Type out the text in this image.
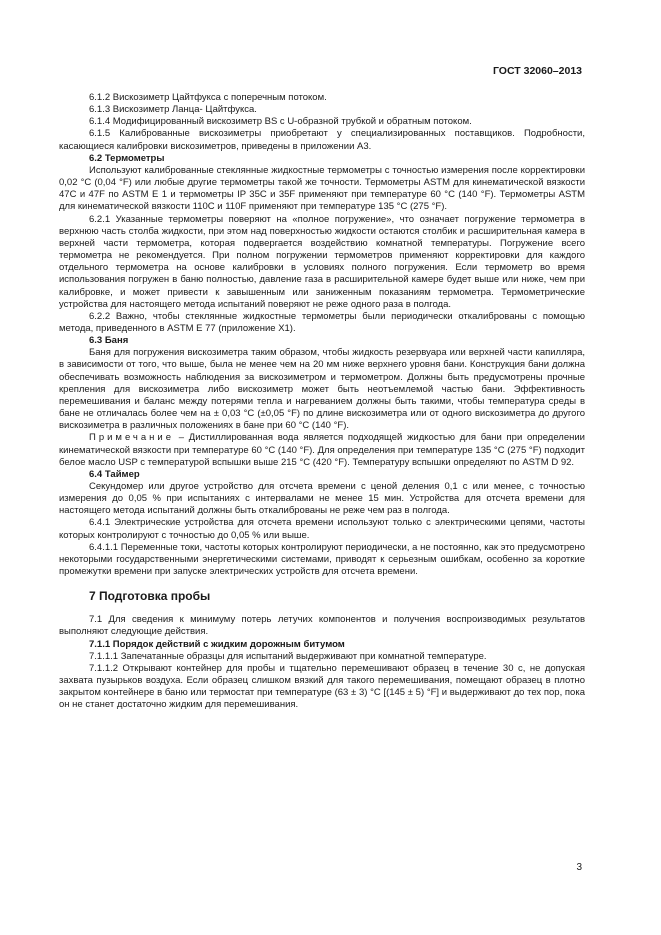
ГОСТ 32060–2013

6.1.2 Вискозиметр Цайтфукса с поперечным потоком.

6.1.3 Вискозиметр Ланца- Цайтфукса.

6.1.4 Модифицированный вискозиметр BS с U-образной трубкой и обратным потоком.

6.1.5 Калиброванные вискозиметры приобретают у специализированных поставщиков. Подробности, касающиеся калибровки вискозиметров, приведены в приложении А3.

6.2 Термометры

Используют калиброванные стеклянные жидкостные термометры с точностью измерения после корректировки 0,02 °C (0,04 °F) или любые другие термометры такой же точности. Термометры ASTM для кинематической вязкости 47С и 47F по ASTM E 1 и термометры IP 35C и 35F применяют при температуре 60 °C (140 °F). Термометры ASTM для кинематической вязкости 110С и 110F применяют при температуре 135 °C (275 °F).

6.2.1 Указанные термометры поверяют на «полное погружение», что означает погружение термометра в верхнюю часть столба жидкости, при этом над поверхностью жидкости остаются столбик и расширительная камера в верхней части термометра, которая подвергается воздействию комнатной температуры. Погружение всего термометра не рекомендуется. При полном погружении термометров применяют корректировки для каждого отдельного термометра на основе калибровки в условиях полного погружения. Если термометр во время использования погружен в баню полностью, давление газа в расширительной камере будет выше или ниже, чем при калибровке, и может привести к завышенным или заниженным показаниям термометра. Термометрические устройства для настоящего метода испытаний поверяют не реже одного раза в полгода.

6.2.2 Важно, чтобы стеклянные жидкостные термометры были периодически откалиброваны с помощью метода, приведенного в ASTM E 77 (приложение X1).

6.3 Баня

Баня для погружения вискозиметра таким образом, чтобы жидкость резервуара или верхней части капилляра, в зависимости от того, что выше, была не менее чем на 20 мм ниже верхнего уровня бани. Конструкция бани должна обеспечивать возможность наблюдения за вискозиметром и термометром. Должны быть предусмотрены прочные крепления для вискозиметра либо вискозиметр может быть неотъемлемой частью бани. Эффективность перемешивания и баланс между потерями тепла и нагреванием должны быть такими, чтобы температура среды в бане не отличалась более чем на ± 0,03 °C (±0,05 °F) по длине вискозиметра или от одного вискозиметра до другого вискозиметра в различных положениях в бане при 60 °C (140 °F).

Примечание – Дистиллированная вода является подходящей жидкостью для бани при определении кинематической вязкости при температуре 60 °C (140 °F). Для определения при температуре 135 °C (275 °F) подходит белое масло USP с температурой вспышки выше 215 °C (420 °F). Температуру вспышки определяют по ASTM D 92.

6.4 Таймер

Секундомер или другое устройство для отсчета времени с ценой деления 0,1 с или менее, с точностью измерения до 0,05 % при испытаниях с интервалами не менее 15 мин. Устройства для отсчета времени для настоящего метода испытаний должны быть откалиброваны не реже чем раз в полгода.

6.4.1 Электрические устройства для отсчета времени используют только с электрическими цепями, частоты которых контролируют с точностью до 0,05 % или выше.

6.4.1.1 Переменные токи, частоты которых контролируют периодически, а не постоянно, как это предусмотрено некоторыми государственными энергетическими системами, приводят к серьезным ошибкам, особенно за короткие промежутки времени при запуске электрических устройств для отсчета времени.

7 Подготовка пробы

7.1 Для сведения к минимуму потерь летучих компонентов и получения воспроизводимых результатов выполняют следующие действия.

7.1.1 Порядок действий с жидким дорожным битумом

7.1.1.1 Запечатанные образцы для испытаний выдерживают при комнатной температуре.

7.1.1.2 Открывают контейнер для пробы и тщательно перемешивают образец в течение 30 с, не допуская захвата пузырьков воздуха. Если образец слишком вязкий для такого перемешивания, помещают образец в плотно закрытом контейнере в баню или термостат при температуре (63 ± 3) °C [(145 ± 5) °F] и выдерживают до тех пор, пока он не станет достаточно жидким для перемешивания.

3
